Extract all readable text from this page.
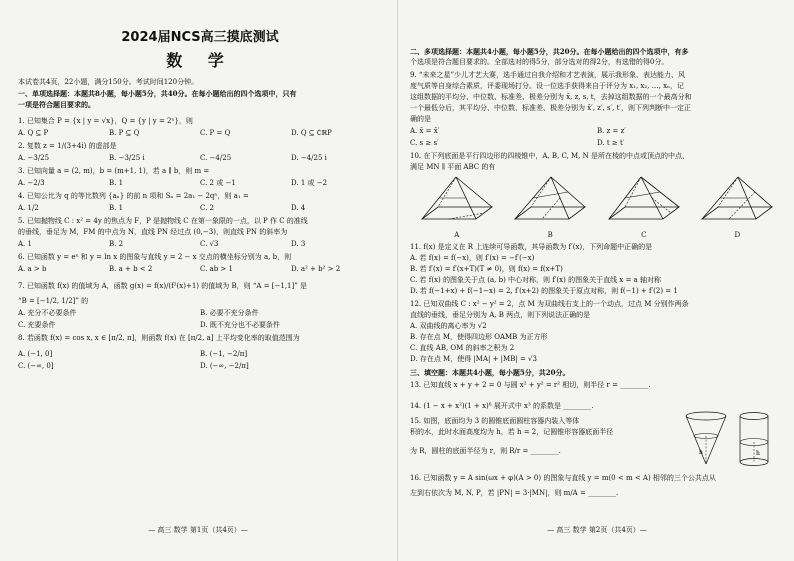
2024届NCS高三摸底测试
数 学
本试卷共4页，22小题，满分150分。考试时间120分钟。
一、单项选择题：本题共8小题，每小题5分，共40分。在每小题给出的四个选项中，只有
一项是符合题目要求的。
1. 已知集合 P = {x | y = √x}，Q = {y | y = 2ˣ}，则
A. Q ⊆ P	B. P ⊆ Q	C. P = Q	D. Q ⊆ ∁ℝP
2. 复数 z = 1/(3+4i) 的虚部是
A. −3/25	B. −3/25 i	C. −4/25	D. −4/25 i
3. 已知向量 a = (2, m)，b = (m+1, 1)，若 a ∥ b，则 m =
A. −2/3	B. 1	C. 2 或 −1	D. 1 或 −2
4. 已知公比为 q 的等比数列 {aₙ} 的前 n 项和 Sₙ = 2a₁ − 2qⁿ，则 a₁ =
A. 1/2	B. 1	C. 2	D. 4
5. 已知抛物线 C : x² = 4y 的焦点为 F，P 是抛物线 C 在第一象限的一点，以 P 作 C 的准线
的垂线，垂足为 M，FM 的中点为 N，直线 PN 经过点 (0,−3)，则直线 PN 的斜率为
A. 1	B. 2	C. √3	D. 3
6. 已知函数 y = eˣ 和 y = ln x 的图象与直线 y = 2 − x 交点的横坐标分别为 a, b，则
A. a > b	B. a + b < 2	C. ab > 1	D. a² + b² > 2
7. 已知函数 f(x) 的值域为 A，函数 g(x) = f(x)/(f²(x)+1) 的值域为 B，则 “A = [−1,1]” 是
“B = [−1/2, 1/2]” 的
A. 充分不必要条件	B. 必要不充分条件
C. 充要条件	D. 既不充分也不必要条件
8. 若函数 f(x) = cos x, x ∈ [π/2, π]，则函数 f(x) 在 [π/2, a] 上平均变化率的取值范围为
A. (−1, 0]	B. (−1, −2/π]
C. (−∞, 0]	D. (−∞, −2/π]
— 高三 数学 第1页（共4页）—
二、多项选择题：本题共4小题，每小题5分，共20分。在每小题给出的四个选项中，有多
个选项是符合题目要求的。全部选对的得5分，部分选对的得2分，有选错的得0分。
9. “未来之星”少儿才艺大赛，选手通过自我介绍和才艺表演，展示我形象、表达能力、风
度气质等自身综合素质，评委现场打分。设一位选手获得来自于评分为 x₁, x₂, …, xₙ，记
这组数据的平均分、中位数、标准差、极差分别为 x̄, z, s, t，去掉这组数据的一个最高分和
一个最低分后，其平均分、中位数、标准差、极差分别为 x̄′, z′, s′, t′，则下列判断中一定正
确的是
A. x̄ = x̄′	B. z = z′
C. s ≥ s′	D. t ≥ t′
10. 在下列底面是平行四边形的四棱锥中，A, B, C, M, N 是所在棱的中点或顶点的中点，
满足 MN ∥ 平面 ABC 的有
A	B	C	D
11. f(x) 是定义在 R 上连续可导函数，其导函数为 f′(x)，下列命题中正确的是
A. 若 f(x) = f(−x)，则 f′(x) = −f′(−x)
B. 若 f′(x) = f′(x+T)(T ≠ 0)，则 f(x) = f(x+T)
C. 若 f(x) 的图象关于点 (a, b) 中心对称，则 f′(x) 的图象关于直线 x = a 轴对称
D. 若 f(−1+x) + f(−1−x) = 2, f′(x+2) 的图象关于原点对称，则 f(−1) + f′(2) = 1
12. 已知双曲线 C : x² − y² = 2，点 M 为双曲线右支上的一个动点，过点 M 分别作两条
直线的垂线，垂足分别为 A, B 两点，则下列说法正确的是
A. 双曲线的离心率为 √2
B. 存在点 M，使得四边形 OAMB 为正方形
C. 直线 AB, OM 的斜率之积为 2
D. 存在点 M，使得 |MA| + |MB| = √3
三、填空题：本题共4小题，每小题5分，共20分。
13. 已知直线 x + y + 2 = 0 与圆 x² + y² = r² 相切，则半径 r = ________.
14. (1 − x + x²)(1 + x)⁶ 展开式中 x³ 的系数是 ________.
15. 如图，底面均为 3 的圆锥底面圆柱容器内装入等体
积的水，此时水面高度均为 h，若 h = 2，记圆锥形容器底面半径
为 R，圆柱的底面半径为 r，则 R/r = ________.	h	h
16. 已知函数 y = A sin(ωx + φ)(A > 0) 的图象与直线 y = m(0 < m < A) 相邻的三个公共点从
左到右依次为 M, N, P，若 |PN| = 3·|MN|，则 m/A = ________.
— 高三 数学 第2页（共4页）—
